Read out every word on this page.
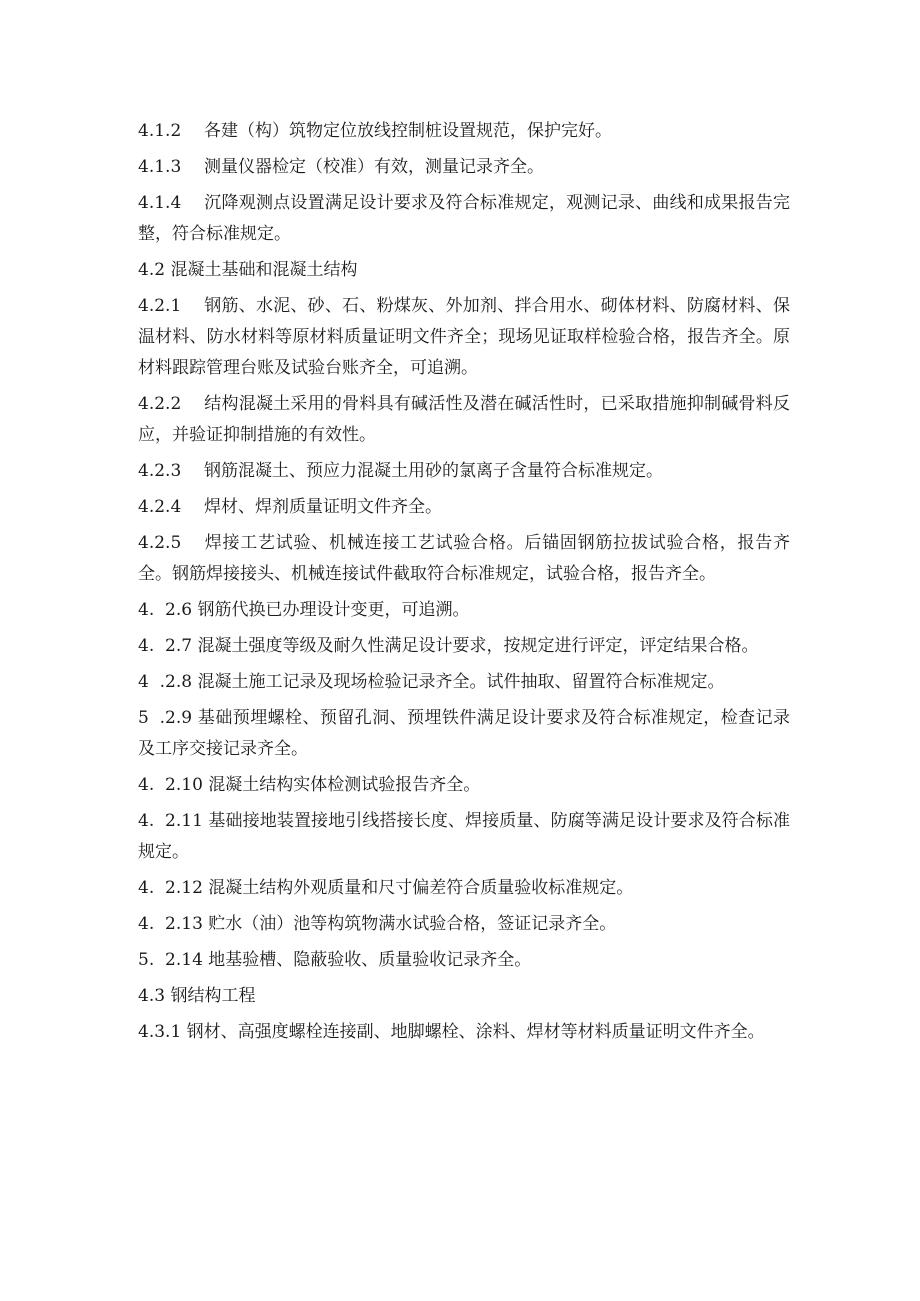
4.1.2 各建（构）筑物定位放线控制桩设置规范，保护完好。

4.1.3 测量仪器检定（校准）有效，测量记录齐全。

4.1.4 沉降观测点设置满足设计要求及符合标准规定，观测记录、曲线和成果报告完整，符合标准规定。

4.2 混凝土基础和混凝土结构

4.2.1 钢筋、水泥、砂、石、粉煤灰、外加剂、拌合用水、砌体材料、防腐材料、保温材料、防水材料等原材料质量证明文件齐全；现场见证取样检验合格，报告齐全。原材料跟踪管理台账及试验台账齐全，可追溯。

4.2.2 结构混凝土采用的骨料具有碱活性及潜在碱活性时，已采取措施抑制碱骨料反应，并验证抑制措施的有效性。

4.2.3 钢筋混凝土、预应力混凝土用砂的氯离子含量符合标准规定。

4.2.4 焊材、焊剂质量证明文件齐全。

4.2.5 焊接工艺试验、机械连接工艺试验合格。后锚固钢筋拉拔试验合格，报告齐全。钢筋焊接接头、机械连接试件截取符合标准规定，试验合格，报告齐全。

4.  2.6 钢筋代换已办理设计变更，可追溯。

4.  2.7 混凝土强度等级及耐久性满足设计要求，按规定进行评定，评定结果合格。

4  .2.8 混凝土施工记录及现场检验记录齐全。试件抽取、留置符合标准规定。

5  .2.9 基础预埋螺栓、预留孔洞、预埋铁件满足设计要求及符合标准规定，检查记录及工序交接记录齐全。

4.  2.10 混凝土结构实体检测试验报告齐全。

4.  2.11 基础接地装置接地引线搭接长度、焊接质量、防腐等满足设计要求及符合标准规定。

4.  2.12 混凝土结构外观质量和尺寸偏差符合质量验收标准规定。

4.  2.13 贮水（油）池等构筑物满水试验合格，签证记录齐全。

5.  2.14 地基验槽、隐蔽验收、质量验收记录齐全。

4.3 钢结构工程

4.3.1 钢材、高强度螺栓连接副、地脚螺栓、涂料、焊材等材料质量证明文件齐全。
